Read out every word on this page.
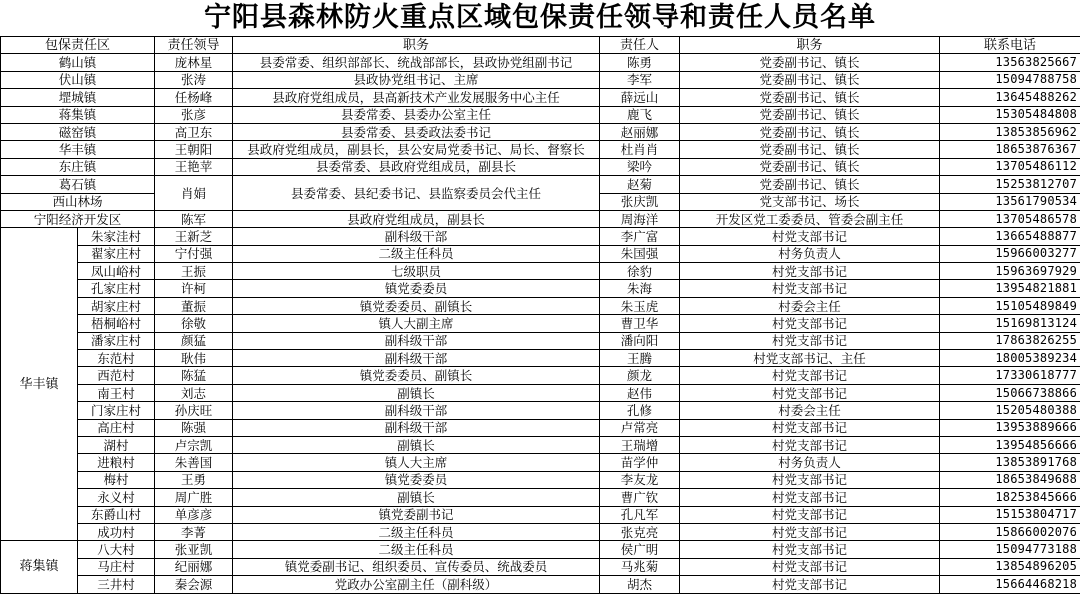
宁阳县森林防火重点区域包保责任领导和责任人员名单
包保责任区		责任领导	职务	责任人	职务	联系电话
鹤山镇		庞林星	县委常委、组织部部长、统战部部长，县政协党组副书记	陈勇	党委副书记、镇长	13563825667
伏山镇		张涛	县政协党组书记、主席	李军	党委副书记、镇长	15094788758
堽城镇		任杨峰	县政府党组成员，县高新技术产业发展服务中心主任	薛远山	党委副书记、镇长	13645488262
蒋集镇		张彦	县委常委、县委办公室主任	鹿飞	党委副书记、镇长	15305484808
磁窑镇		高卫东	县委常委、县委政法委书记	赵丽娜	党委副书记、镇长	13853856962
华丰镇		王朝阳	县政府党组成员，副县长，县公安局党委书记、局长、督察长	杜肖肖	党委副书记、镇长	18653876367
东庄镇		王艳苹	县委常委、县政府党组成员，副县长	梁吟	党委副书记、镇长	13705486112
葛石镇		肖娟	县委常委、县纪委书记、县监察委员会代主任	赵菊	党委副书记、镇长	15253812707
西山林场				张庆凯	党支部书记、场长	13561790534
宁阳经济开发区		陈军	县政府党组成员，副县长	周海洋	开发区党工委委员、管委会副主任	13705486578
华丰镇	朱家洼村	王新芝	副科级干部	李广富	村党支部书记	13665488877
	翟家庄村	宁付强	二级主任科员	朱国强	村务负责人	15966003277
	凤山峪村	王振	七级职员	徐豹	村党支部书记	15963697929
	孔家庄村	许柯	镇党委委员	朱海	村党支部书记	13954821881
	胡家庄村	董振	镇党委委员、副镇长	朱玉虎	村委会主任	15105489849
	梧桐峪村	徐敬	镇人大副主席	曹卫华	村党支部书记	15169813124
	潘家庄村	颜猛	副科级干部	潘向阳	村党支部书记	17863826255
	东范村	耿伟	副科级干部	王腾	村党支部书记、主任	18005389234
	西范村	陈猛	镇党委委员、副镇长	颜龙	村党支部书记	17330618777
	南王村	刘志	副镇长	赵伟	村党支部书记	15066738866
	门家庄村	孙庆旺	副科级干部	孔修	村委会主任	15205480388
	高庄村	陈强	副科级干部	卢常亮	村党支部书记	13953889666
	湖村	卢宗凯	副镇长	王瑞增	村党支部书记	13954856666
	进粮村	朱善国	镇人大主席	苗学仲	村务负责人	13853891768
	梅村	王勇	镇党委委员	李友龙	村党支部书记	18653849688
	永义村	周广胜	副镇长	曹广钦	村党支部书记	18253845666
	东爵山村	单彦彦	镇党委副书记	孔凡军	村党支部书记	15153804717
	成功村	李菁	二级主任科员	张克亮	村党支部书记	15866002076
蒋集镇	八大村	张亚凯	二级主任科员	侯广明	村党支部书记	15094773188
	马庄村	纪丽娜	镇党委副书记、组织委员、宣传委员、统战委员	马兆菊	村党支部书记	13854896205
	三井村	秦会源	党政办公室副主任（副科级）	胡杰	村党支部书记	15664468218
